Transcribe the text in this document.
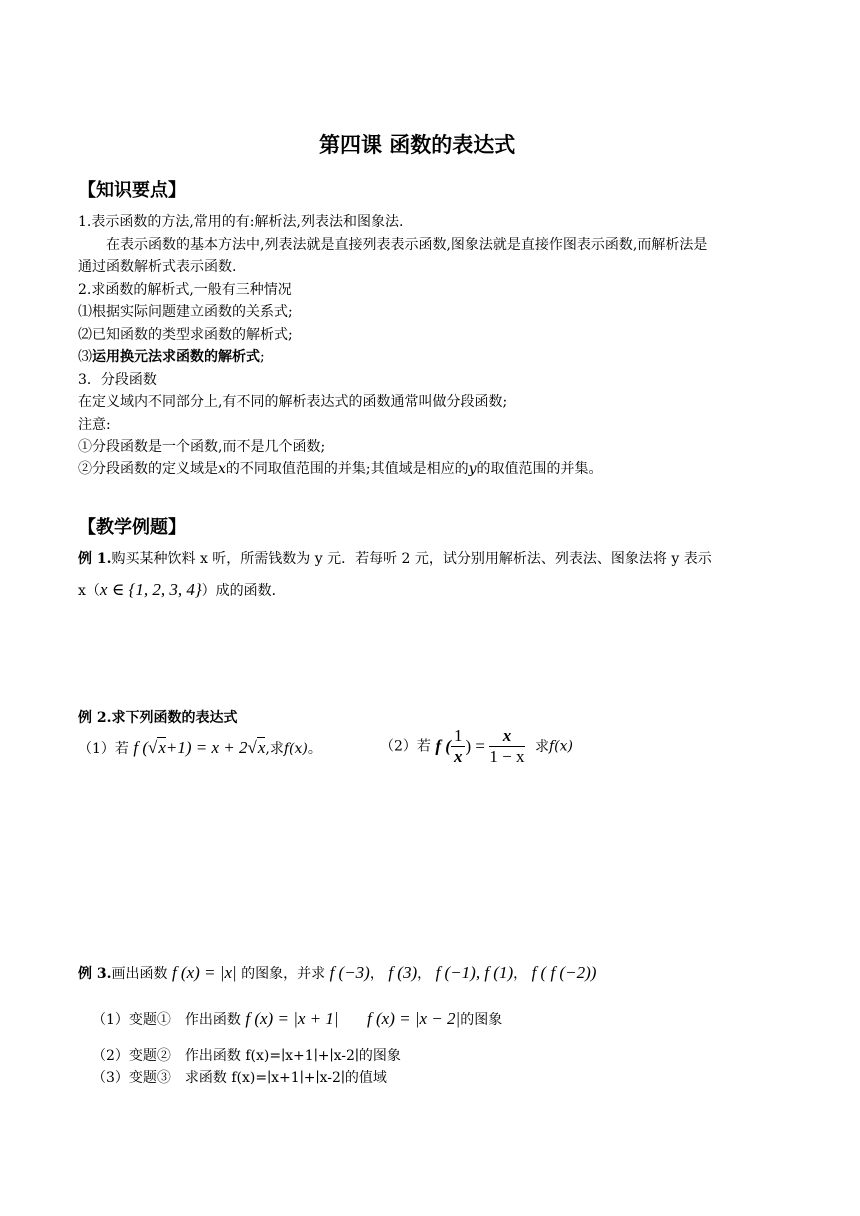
第四课 函数的表达式
【知识要点】
1.表示函数的方法,常用的有:解析法,列表法和图象法.
在表示函数的基本方法中,列表法就是直接列表表示函数,图象法就是直接作图表示函数,而解析法是
通过函数解析式表示函数.
2.求函数的解析式,一般有三种情况
⑴根据实际问题建立函数的关系式;
⑵已知函数的类型求函数的解析式;
⑶运用换元法求函数的解析式;
3．分段函数
在定义域内不同部分上,有不同的解析表达式的函数通常叫做分段函数;
注意:
①分段函数是一个函数,而不是几个函数;
②分段函数的定义域是x的不同取值范围的并集;其值域是相应的y的取值范围的并集。
【教学例题】
例 1.购买某种饮料 x 听，所需钱数为 y 元．若每听 2 元，试分别用解析法、列表法、图象法将 y 表示
x（x ∈ {1, 2, 3, 4}）成的函数．
例 2.求下列函数的表达式
（1）若 f (√x+1) = x + 2√x,求f(x)。	（2）若 f ( $\frac{1}{x}$ ) = $\frac{x}{1 - x}$ 求f(x)
例 3.画出函数 f (x) = |x| 的图象，并求 f (−3)， f (3)， f (−1), f (1)， f ( f (−2))
（1）变题①　作出函数 f (x) = |x + 1| f (x) = |x − 2|的图象
（2）变题②　作出函数 f(x)=∣x+1∣+∣x-2∣的图象
（3）变题③　求函数 f(x)=∣x+1∣+∣x-2∣的值域
